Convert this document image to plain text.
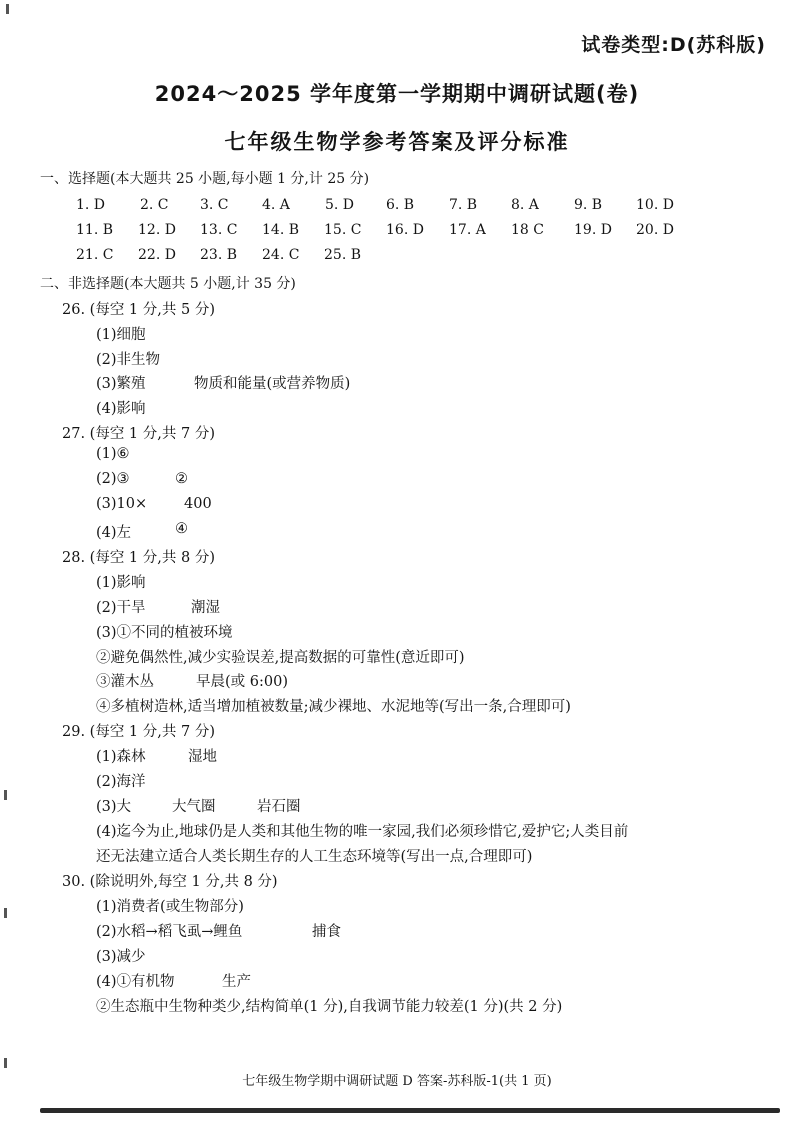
试卷类型:D(苏科版)
2024～2025 学年度第一学期期中调研试题(卷)
七年级生物学参考答案及评分标准
一、选择题(本大题共 25 小题,每小题 1 分,计 25 分)
1. D 2. C 3. C 4. A	5. D 6. B 7. B 8. A	9. B 10. D
11. B 12. D 13. C 14. B 15. C 16. D 17. A 18 C 19. D 20. D
21. C 22. D 23. B 24. C 25. B
二、非选择题(本大题共 5 小题,计 35 分)
26. (每空 1 分,共 5 分)
(1)细胞
(2)非生物
(3)繁殖	物质和能量(或营养物质)
(4)影响
27. (每空 1 分,共 7 分)
(1)⑥
(2)③	②
(3)10×	400
(4)左	④
28. (每空 1 分,共 8 分)
(1)影响
(2)干旱	潮湿
(3)①不同的植被环境
②避免偶然性,减少实验误差,提高数据的可靠性(意近即可)
③灌木丛	早晨(或 6:00)
④多植树造林,适当增加植被数量;减少裸地、水泥地等(写出一条,合理即可)
29. (每空 1 分,共 7 分)
(1)森林	湿地
(2)海洋
(3)大	大气圈	岩石圈
(4)迄今为止,地球仍是人类和其他生物的唯一家园,我们必须珍惜它,爱护它;人类目前
还无法建立适合人类长期生存的人工生态环境等(写出一点,合理即可)
30. (除说明外,每空 1 分,共 8 分)
(1)消费者(或生物部分)
(2)水稻→稻飞虱→鲤鱼	捕食
(3)减少
(4)①有机物	生产
②生态瓶中生物种类少,结构简单(1 分),自我调节能力较差(1 分)(共 2 分)
七年级生物学期中调研试题 D 答案-苏科版-1(共 1 页)
